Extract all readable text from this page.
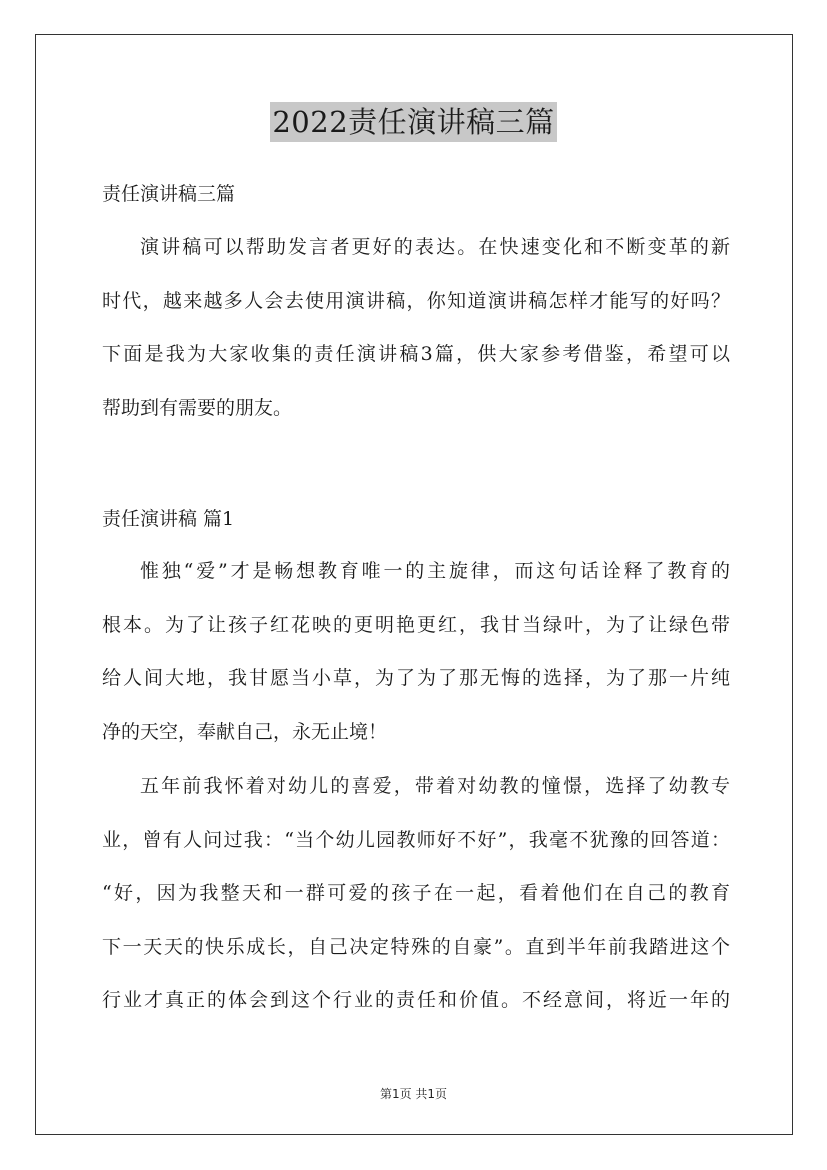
2022责任演讲稿三篇
责任演讲稿三篇
演讲稿可以帮助发言者更好的表达。在快速变化和不断变革的新
时代，越来越多人会去使用演讲稿，你知道演讲稿怎样才能写的好吗？
下面是我为大家收集的责任演讲稿3篇，供大家参考借鉴，希望可以
帮助到有需要的朋友。
责任演讲稿 篇1
惟独“爱”才是畅想教育唯一的主旋律，而这句话诠释了教育的
根本。为了让孩子红花映的更明艳更红，我甘当绿叶，为了让绿色带
给人间大地，我甘愿当小草，为了为了那无悔的选择，为了那一片纯
净的天空，奉献自己，永无止境！
五年前我怀着对幼儿的喜爱，带着对幼教的憧憬，选择了幼教专
业，曾有人问过我：“当个幼儿园教师好不好”，我毫不犹豫的回答道：
“好，因为我整天和一群可爱的孩子在一起，看着他们在自己的教育
下一天天的快乐成长，自己决定特殊的自豪”。直到半年前我踏进这个
行业才真正的体会到这个行业的责任和价值。不经意间，将近一年的
第1页 共1页
